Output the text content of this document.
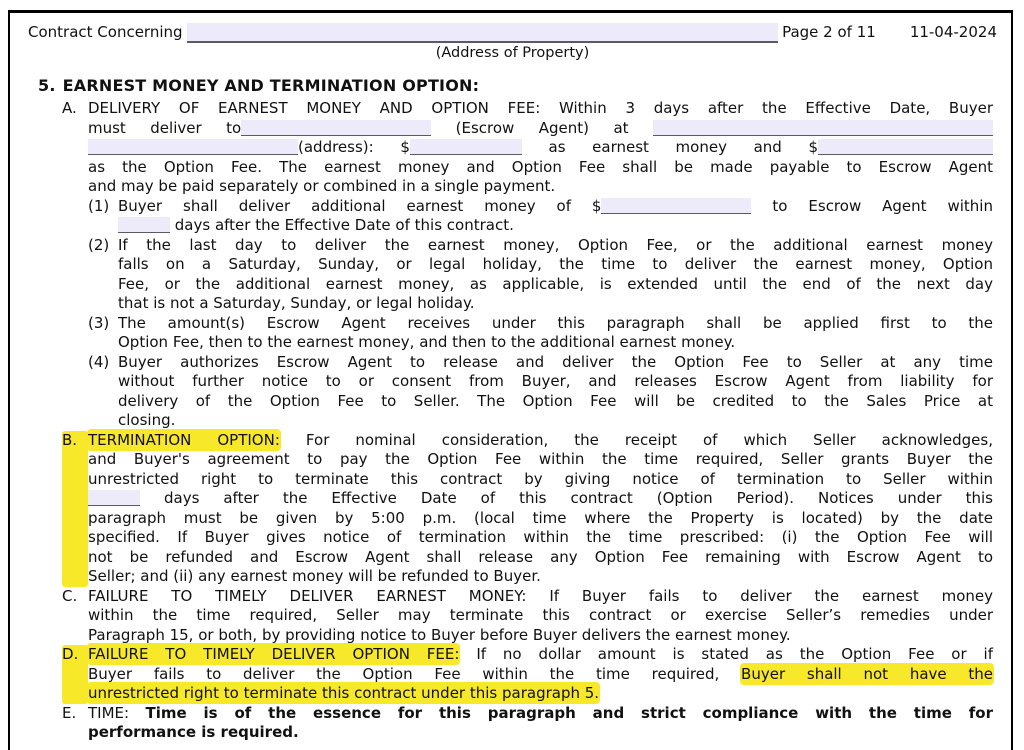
Contract Concerning	Page 2 of 11 11-04-2024
(Address of Property)
5. EARNEST MONEY AND TERMINATION OPTION:
A. DELIVERY OF EARNEST MONEY AND OPTION FEE: Within 3 days after the Effective Date, Buyer
must deliver to	(Escrow Agent) at
(address): $	as earnest money and $
as the Option Fee. The earnest money and Option Fee shall be made payable to Escrow Agent
and may be paid separately or combined in a single payment.
(1) Buyer shall deliver additional earnest money of $	to Escrow Agent within
days after the Effective Date of this contract.
(2) If the last day to deliver the earnest money, Option Fee, or the additional earnest money
falls on a Saturday, Sunday, or legal holiday, the time to deliver the earnest money, Option
Fee, or the additional earnest money, as applicable, is extended until the end of the next day
that is not a Saturday, Sunday, or legal holiday.
(3) The amount(s) Escrow Agent receives under this paragraph shall be applied first to the
Option Fee, then to the earnest money, and then to the additional earnest money.
(4) Buyer authorizes Escrow Agent to release and deliver the Option Fee to Seller at any time
without further notice to or consent from Buyer, and releases Escrow Agent from liability for
delivery of the Option Fee to Seller. The Option Fee will be credited to the Sales Price at
closing.
B. TERMINATION OPTION: For nominal consideration, the receipt of which Seller acknowledges,
and Buyer's agreement to pay the Option Fee within the time required, Seller grants Buyer the
unrestricted right to terminate this contract by giving notice of termination to Seller within
days after the Effective Date of this contract (Option Period). Notices under this
paragraph must be given by 5:00 p.m. (local time where the Property is located) by the date
specified. If Buyer gives notice of termination within the time prescribed: (i) the Option Fee will
not be refunded and Escrow Agent shall release any Option Fee remaining with Escrow Agent to
Seller; and (ii) any earnest money will be refunded to Buyer.
C. FAILURE TO TIMELY DELIVER EARNEST MONEY: If Buyer fails to deliver the earnest money
within the time required, Seller may terminate this contract or exercise Seller’s remedies under
Paragraph 15, or both, by providing notice to Buyer before Buyer delivers the earnest money.
D. FAILURE TO TIMELY DELIVER OPTION FEE: If no dollar amount is stated as the Option Fee or if
Buyer fails to deliver the Option Fee within the time required, Buyer shall not have the
unrestricted right to terminate this contract under this paragraph 5.
E. TIME: Time is of the essence for this paragraph and strict compliance with the time for
performance is required.
